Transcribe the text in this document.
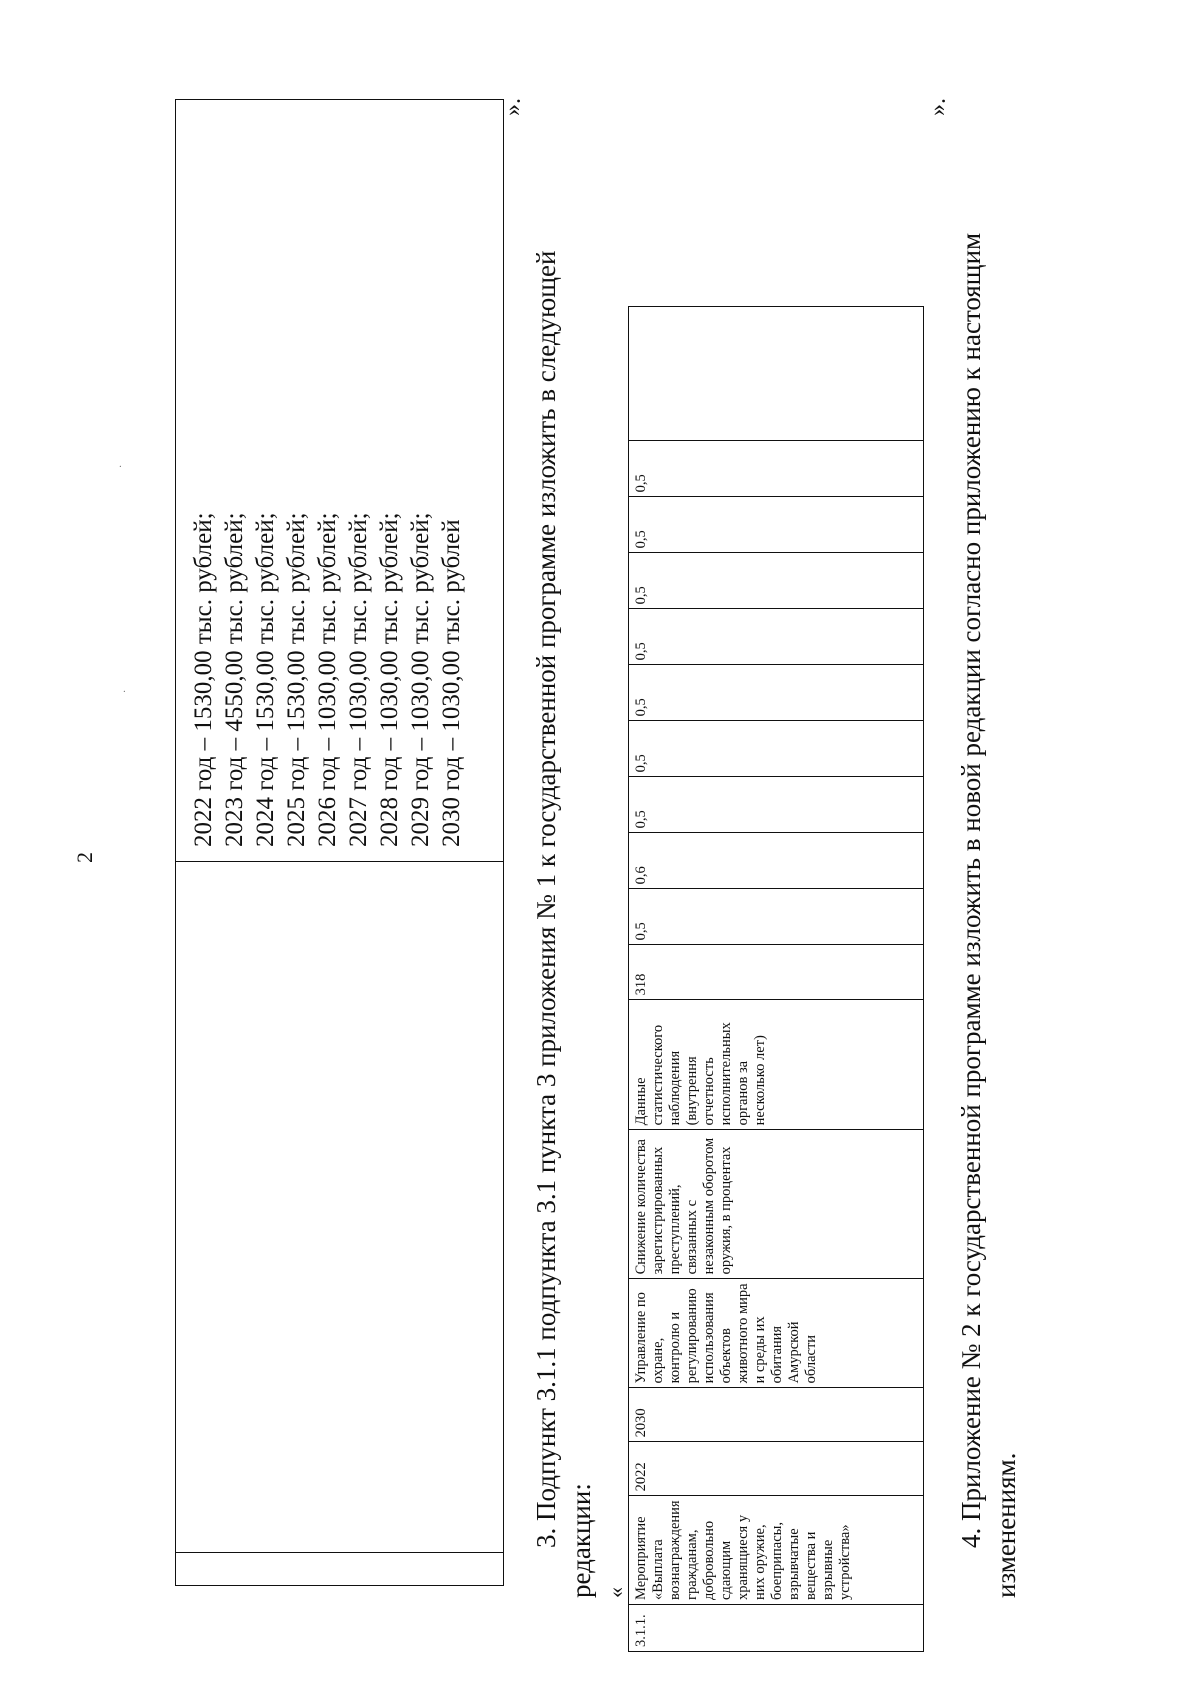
2
·
·
2022 год – 1530,00 тыс. рублей; 2023 год – 4550,00 тыс. рублей; 2024 год – 1530,00 тыс. рублей; 2025 год – 1530,00 тыс. рублей; 2026 год – 1030,00 тыс. рублей; 2027 год – 1030,00 тыс. рублей; 2028 год – 1030,00 тыс. рублей; 2029 год – 1030,00 тыс. рублей; 2030 год – 1030,00 тыс. рублей
».
3. Подпункт 3.1.1 подпункта 3.1 пункта 3 приложения № 1 к государственной программе изложить в следующей редакции: «
3.1.1.	Мероприятие «Выплата вознаграждения гражданам, добровольно сдающим хранящиеся у них оружие, боеприпасы, взрывчатые вещества и взрывные устройства»	2022	2030	Управление по охране, контролю и регулированию использования объектов животного мира и среды их обитания Амурской области	Снижение количества зарегистрированных преступлений, связанных с незаконным оборотом оружия, в процентах	Данные статистического наблюдения (внутрення отчетность исполнительных органов за несколько лет)	318	0,5	0,6	0,5	0,5	0,5	0,5	0,5	0,5	0,5	
».
4. Приложение № 2 к государственной программе изложить в новой редакции согласно приложению к настоящим изменениям.
